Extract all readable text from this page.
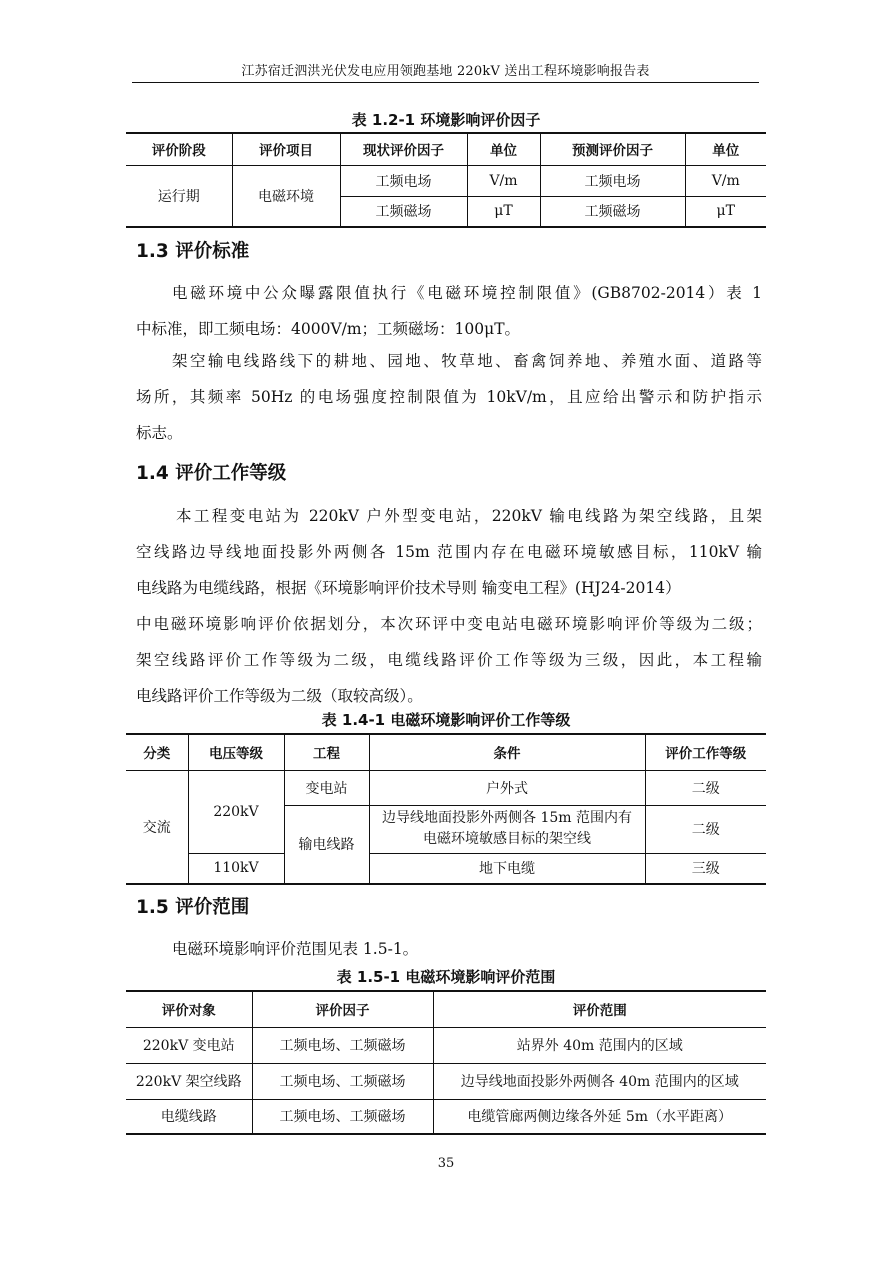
江苏宿迁泗洪光伏发电应用领跑基地 220kV 送出工程环境影响报告表
表 1.2-1 环境影响评价因子
评价阶段	评价项目	现状评价因子	单位	预测评价因子	单位
运行期	电磁环境	工频电场	V/m	工频电场	V/m
		工频磁场	μT	工频磁场	μT
1.3 评价标准
电磁环境中公众曝露限值执行《电磁环境控制限值》(GB8702-2014）表 1
中标准，即工频电场：4000V/m；工频磁场：100μT。
架空输电线路线下的耕地、园地、牧草地、畜禽饲养地、养殖水面、道路等
场所，其频率 50Hz 的电场强度控制限值为 10kV/m，且应给出警示和防护指示
标志。
1.4 评价工作等级
本工程变电站为 220kV 户外型变电站，220kV 输电线路为架空线路，且架
空线路边导线地面投影外两侧各 15m 范围内存在电磁环境敏感目标，110kV 输
电线路为电缆线路，根据《环境影响评价技术导则 输变电工程》(HJ24-2014）
中电磁环境影响评价依据划分，本次环评中变电站电磁环境影响评价等级为二级；
架空线路评价工作等级为二级，电缆线路评价工作等级为三级，因此，本工程输
电线路评价工作等级为二级（取较高级）。
表 1.4-1 电磁环境影响评价工作等级
分类	电压等级	工程	条件	评价工作等级
交流	220kV	变电站	户外式	二级
		输电线路	边导线地面投影外两侧各 15m 范围内有
电磁环境敏感目标的架空线	二级
	110kV		地下电缆	三级
1.5 评价范围
电磁环境影响评价范围见表 1.5-1。
表 1.5-1 电磁环境影响评价范围
评价对象	评价因子	评价范围
220kV 变电站	工频电场、工频磁场	站界外 40m 范围内的区域
220kV 架空线路	工频电场、工频磁场	边导线地面投影外两侧各 40m 范围内的区域
电缆线路	工频电场、工频磁场	电缆管廊两侧边缘各外延 5m（水平距离）
35
